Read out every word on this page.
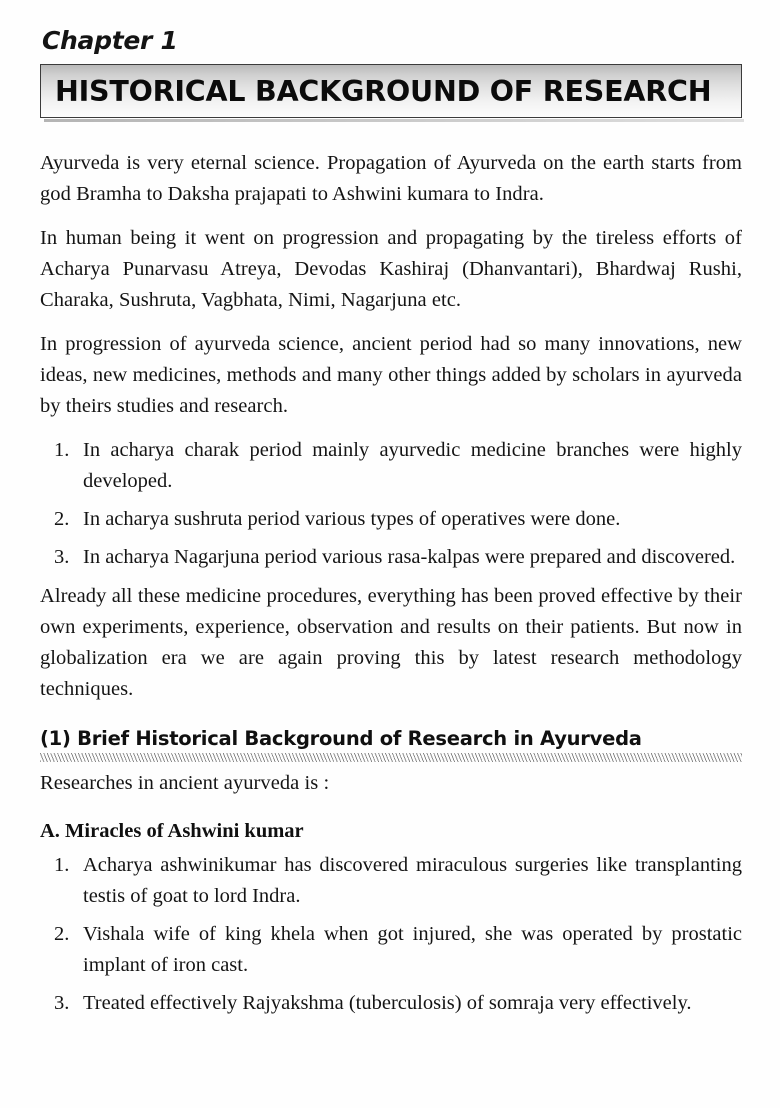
Chapter 1
HISTORICAL BACKGROUND OF RESEARCH

Ayurveda is very eternal science. Propagation of Ayurveda on the earth starts from god Bramha to Daksha prajapati to Ashwini kumara to Indra.

In human being it went on progression and propagating by the tireless efforts of Acharya Punarvasu Atreya, Devodas Kashiraj (Dhanvantari), Bhardwaj Rushi, Charaka, Sushruta, Vagbhata, Nimi, Nagarjuna etc.

In progression of ayurveda science, ancient period had so many innovations, new ideas, new medicines, methods and many other things added by scholars in ayurveda by theirs studies and research.

1. In acharya charak period mainly ayurvedic medicine branches were highly developed.
2. In acharya sushruta period various types of operatives were done.
3. In acharya Nagarjuna period various rasa-kalpas were prepared and discovered.

Already all these medicine procedures, everything has been proved effective by their own experiments, experience, observation and results on their patients. But now in globalization era we are again proving this by latest research methodology techniques.

(1) Brief Historical Background of Research in Ayurveda

Researches in ancient ayurveda is :

A. Miracles of Ashwini kumar
1. Acharya ashwinikumar has discovered miraculous surgeries like transplanting testis of goat to lord Indra.
2. Vishala wife of king khela when got injured, she was operated by prostatic implant of iron cast.
3. Treated effectively Rajyakshma (tuberculosis) of somraja very effectively.
